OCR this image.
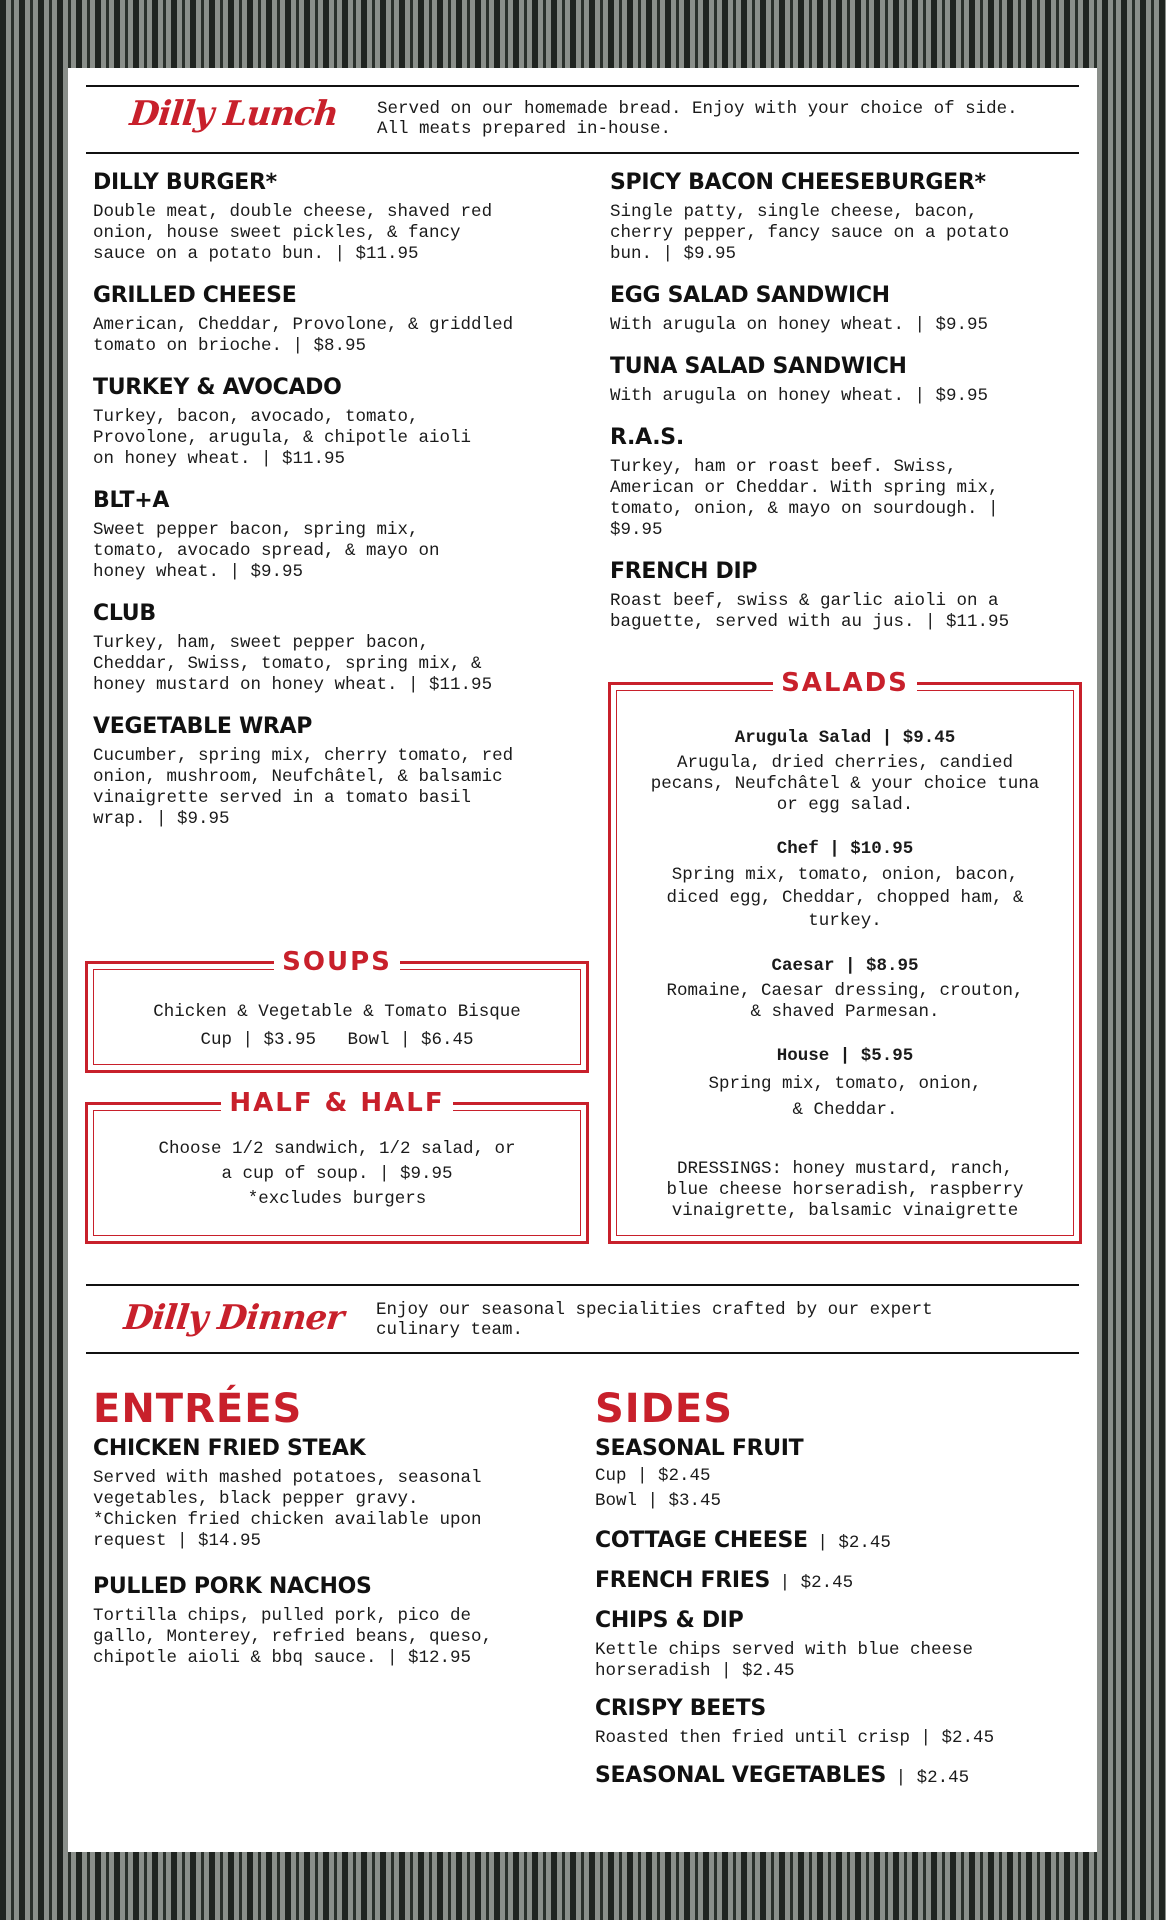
Dilly Lunch Served on our homemade bread. Enjoy with your choice of side.
All meats prepared in-house.

DILLY BURGER*

Double meat, double cheese, shaved red
onion, house sweet pickles, & fancy
sauce on a potato bun. | $11.95

GRILLED CHEESE

American, Cheddar, Provolone, & griddled
tomato on brioche. | $8.95

TURKEY & AVOCADO

Turkey, bacon, avocado, tomato,
Provolone, arugula, & chipotle aioli
on honey wheat. | $11.95

BLT+A

Sweet pepper bacon, spring mix,
tomato, avocado spread, & mayo on
honey wheat. | $9.95

CLUB

Turkey, ham, sweet pepper bacon,
Cheddar, Swiss, tomato, spring mix, &
honey mustard on honey wheat. | $11.95

VEGETABLE WRAP

Cucumber, spring mix, cherry tomato, red
onion, mushroom, Neufchâtel, & balsamic
vinaigrette served in a tomato basil
wrap. | $9.95

SPICY BACON CHEESEBURGER*

Single patty, single cheese, bacon,
cherry pepper, fancy sauce on a potato
bun. | $9.95

EGG SALAD SANDWICH

With arugula on honey wheat. | $9.95

TUNA SALAD SANDWICH

With arugula on honey wheat. | $9.95

R.A.S.

Turkey, ham or roast beef. Swiss,
American or Cheddar. With spring mix,
tomato, onion, & mayo on sourdough. |
$9.95

FRENCH DIP

Roast beef, swiss & garlic aioli on a
baguette, served with au jus. | $11.95

SOUPS

Chicken & Vegetable & Tomato Bisque

Cup | $3.95   Bowl | $6.45

HALF & HALF

Choose 1/2 sandwich, 1/2 salad, or
a cup of soup. | $9.95
*excludes burgers

SALADS

Arugula Salad | $9.45

Arugula, dried cherries, candied
pecans, Neufchâtel & your choice tuna
or egg salad.

Chef | $10.95

Spring mix, tomato, onion, bacon,
diced egg, Cheddar, chopped ham, &
turkey.

Caesar | $8.95

Romaine, Caesar dressing, crouton,
& shaved Parmesan.

House | $5.95

Spring mix, tomato, onion,
& Cheddar.

DRESSINGS: honey mustard, ranch,
blue cheese horseradish, raspberry
vinaigrette, balsamic vinaigrette

Dilly Dinner Enjoy our seasonal specialities crafted by our expert
culinary team.

ENTRÉES

CHICKEN FRIED STEAK

Served with mashed potatoes, seasonal
vegetables, black pepper gravy.
*Chicken fried chicken available upon
request | $14.95

PULLED PORK NACHOS

Tortilla chips, pulled pork, pico de
gallo, Monterey, refried beans, queso,
chipotle aioli & bbq sauce. | $12.95

SIDES

SEASONAL FRUIT

Cup | $2.45
Bowl | $3.45

COTTAGE CHEESE | $2.45
FRENCH FRIES | $2.45

CHIPS & DIP

Kettle chips served with blue cheese
horseradish | $2.45

CRISPY BEETS

Roasted then fried until crisp | $2.45

SEASONAL VEGETABLES | $2.45
